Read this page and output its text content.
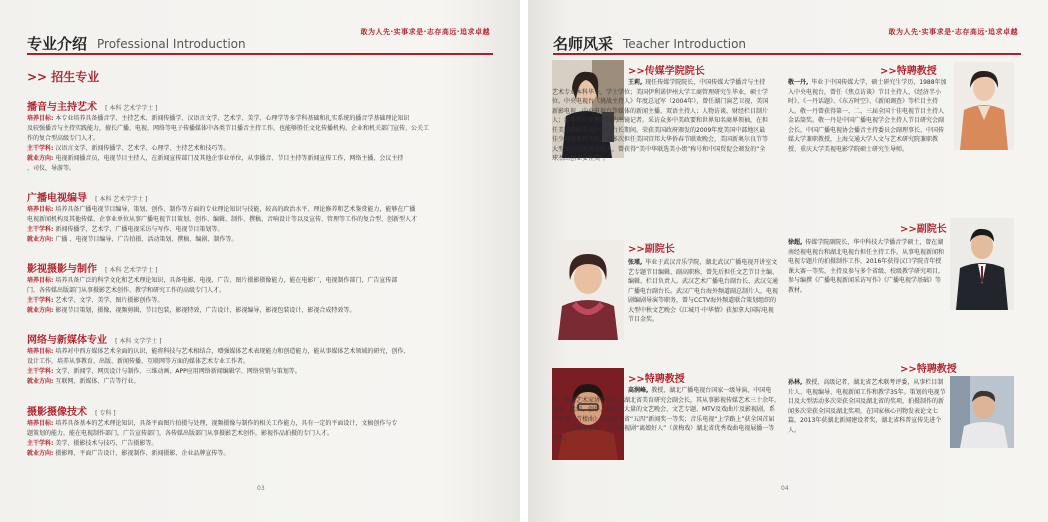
敢为人先·实事求是·志存高远·追求卓越
专业介绍 Professional Introduction
>> 招生专业
播音与主持艺术 [ 本科 艺术学学士 ]

培养目标: 本专业培养具备播音学、主持艺术、新闻传播学、汉语言文学、艺术学、美学、心理学等多学科基础和扎实系统的播音学基础理论知识

及较强播音与主持实践能力，擅长广播、电视、网络等电子传播媒体中各类节目播音主持工作，也能够胜任文化传播机构、企业和机关部门宣传、公关工

作的复合型高级专门人才。

主干学科: 汉语言文学、新闻传播学、艺术学、心理学、主持艺术和技巧等。

就业方向: 电视新闻播音员，电视节目主持人，在新闻宣传部门及其他企事业单位，从事播音、节目主持等新闻宣传工作，网络主播，会议主持

、司仪，导游等。

广播电视编导 [ 本科 艺术学学士 ]

培养目标: 培养具备广播电视节目编导、策划、创作、制作等方面的专业理论知识与技能，较高的政治水平、理论修养和艺术鉴赏能力，能够在广播

电视新闻机构及其他传媒、企事业单位从事广播电视节目策划、创作、编辑、制作、撰稿、音响设计等以及宣传、管理等工作的复合型、创新型人才

主干学科: 新闻传播学、艺术学、广播电视采访与写作、电视节目策划等。

就业方向: 广播 、电视节目编导、广告拍摄、活动策划、撰稿、编剧、制作等。

影视摄影与制作 [ 本科 艺术学学士 ]

培养目标: 培养具备广泛的科学文化和艺术理论知识，具备电影、电视、广告、图片摄影摄像能力，能在电影厂，电视制作部门，广告宣传部

门，各传媒出版部门从事摄影艺术创作、教学和研究工作的高级专门人才。

主干学科: 艺术学、文学、美学、图片摄影创作等。

就业方向: 影视节目策划，摄像，视频剪辑，节目包装，影视特效，广告设计，影视编导，影视包装设计，影视合成特效等。

网络与新媒体专业 [ 本科 文学学士 ]

培养目标: 培养对中西方媒体艺术全面的认识，能将科技与艺术相结合，增强媒体艺术表现能力和创造能力，能从事媒体艺术领域的研究，创作、

设计工作，培养从事教育、出版、新闻传播、互联网等方面的媒体艺术专业工作者。

主干学科: 文学、新闻学、网页设计与制作、三维动画、APP应用网络新闻编辑学、网络营销与策划等。

就业方向: 互联网、新媒体、广告等行业。

摄影摄像技术 [ 专科 ]

培养目标: 培养具备基本的艺术理论知识，具备平面图片拍摄与处理，视频摄像与制作的相关工作能力，具有一定的平面设计，文稿创作与专

题策划的能力，能在电视制作部门，广告宣传部门，各传媒出版部门从事摄影艺术创作，影视作品拍摄的专门人才。

主干学科: 美学、摄影技术与技巧、广告摄影等。

就业方向: 摄影师、平面广告设计、影视制作、新闻摄影、企业品牌宣传等。

03
敢为人先·实事求是·志存高远·追求卓越
名师风采 Teacher Introduction
>>传媒学院院长
王莉, 现任传媒学院院长，中国传媒大学播音与主持艺术专业本科毕业，学士学位；美国伊利诺伊州大学工商管理研究生毕业，硕士学位。中央电视台《挑战主持人》年度总冠军（2004年），曾任湖门演艺卫视、美国新影电视、中央电视台等媒体的新闻主播、双语主持人；人物访谈、财经栏目制片人；新华社社亚加新特约出镜记者。采访众多中美政要和世界知名商界领袖，在担任美国新影电视中文台台长期间，荣获美国政府颁发的2009年度美国中部地区最佳少数族裔裨杰奖，曾多次担任美国宫邦大华侨春节联欢晚会，美国新奥尔良节等大型活动的双语主持人，曾获得“美中华联选美小姐”称号和中国贸促会颁发的“全球杰出创业女性奖”。
>>特聘教授
敬一丹, 毕业于中国传媒大学，硕士研究生学历，1988年加入中央电视台，曾任《焦点访谈》节目主持人、《经济半小时》、《一丹话题》、《东方时空》、《新闻调查》等栏目主持人。敬一丹曾获得第一、二、三届全国十佳电视节目主持人金话筒奖。敬一丹是中国广播电视学会主持人节目研究会副会长，中国广播电视协会播音主持委员会副理事长、中国传媒大学兼职教授，上海交通大学人文与艺术研究院兼职教授、重庆大学美视电影学院硕士研究生导师。
>>副院长
张瑾, 毕业于武汉音乐学院，湖北武汉广播电视开讲室文艺专题节目编辑、副高职称，曾先后担任文艺节目主编、编辑、栏目负责人。武汉艺术广播电台副台长、武汉交通广播电台副台长。武汉广电台海外频道副总制片人，电视剧编剧导演等职务，曾与CCTV海外频道联合策划组织的大型中秋文艺晚会《江城月·中华情》获加拿大国际电视节目金奖。
>>副院长
徐超, 传媒学院副院长，华中科技大学播音学硕士，曾在湖南经视电视台和湖北电视台担任主持工作。从事电视新闻和电视专题片的拍摄制作工作，2016年获得汉口学院青年授课大赛一等奖，主持及参与多个省级、校级教学研究项目，参与编撰《广播电视新闻采访写作》《广播电视学基础》等教材。
>>特聘教授
高润峰, 教授，湖北广播电视台国家一级导演、中国电影、电视艺术家协会会员，湖北省美育研究会副会长，其从事影视传媒艺术三十余年，编导、组织、创作、拍摄了大量的文艺晚会、文艺专题、MTV及戏曲片及影视剧，系列专题《青楼曲》获得湖北省“五四”新闻奖一等奖；音乐电视“上学路上”获全国首届少儿音乐电视金奖；音乐电视剧“离娘好人”（黄梅戏）湖北省优秀戏曲电视展播一等奖等。
>>特聘教授
孙林, 教授，高级记者，湖北省艺术联考评委，从事栏目制片人、电视编导、电视新闻工作和教学35年。策划的电视节目及大型活动多次荣获全国及湖北省的奖项，拍摄制作的新闻多次荣获全国及湖北奖项，在国家核心刊物发表论文七篇，2013年获湖北新闻建设者奖，湖北省科普宣传先进个人。
04
